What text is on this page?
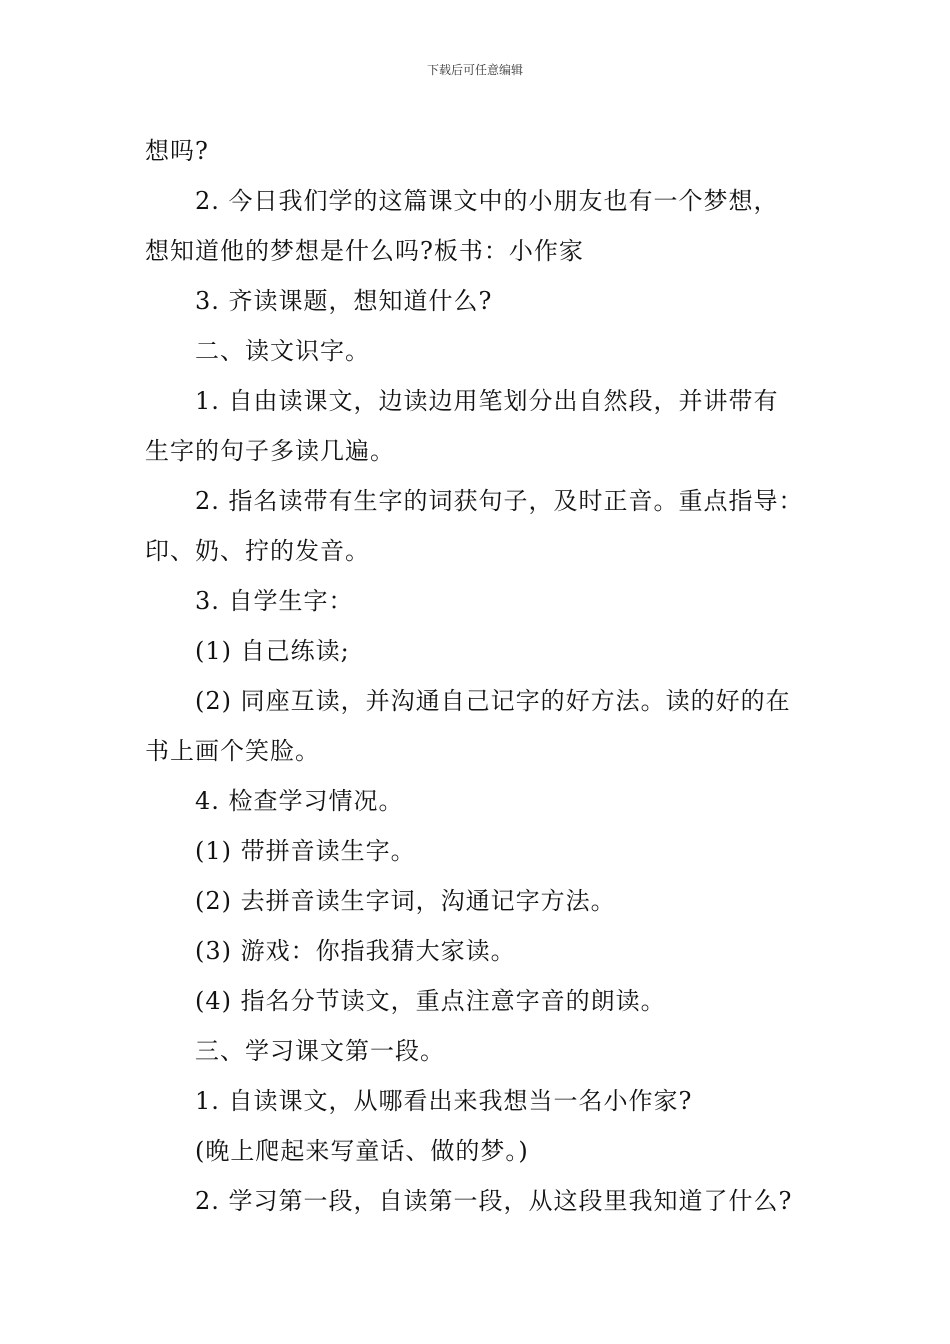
下载后可任意编辑

想吗?

2. 今日我们学的这篇课文中的小朋友也有一个梦想，

想知道他的梦想是什么吗?板书：小作家

3. 齐读课题，想知道什么?

二、读文识字。

1. 自由读课文，边读边用笔划分出自然段，并讲带有

生字的句子多读几遍。

2. 指名读带有生字的词获句子，及时正音。重点指导：

印、奶、拧的发音。

3. 自学生字：

(1) 自己练读;

(2) 同座互读，并沟通自己记字的好方法。读的好的在

书上画个笑脸。

4. 检查学习情况。

(1) 带拼音读生字。

(2) 去拼音读生字词，沟通记字方法。

(3) 游戏：你指我猜大家读。

(4) 指名分节读文，重点注意字音的朗读。

三、学习课文第一段。

1. 自读课文，从哪看出来我想当一名小作家?

(晚上爬起来写童话、做的梦。)

2. 学习第一段，自读第一段，从这段里我知道了什么?
